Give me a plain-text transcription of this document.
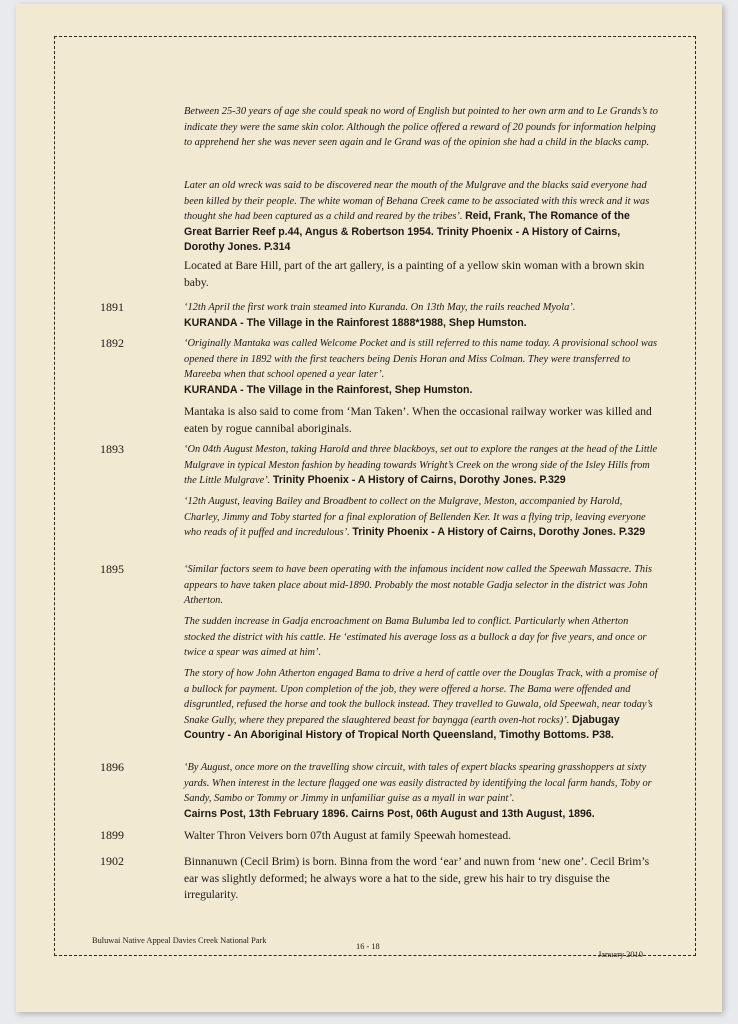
Between 25-30 years of age she could speak no word of English but pointed to her own arm and to Le Grands’s to indicate they were the same skin color. Although the police offered a reward of 20 pounds for information helping to apprehend her she was never seen again and le Grand was of the opinion she had a child in the blacks camp.
Later an old wreck was said to be discovered near the mouth of the Mulgrave and the blacks said everyone had been killed by their people. The white woman of Behana Creek came to be associated with this wreck and it was thought she had been captured as a child and reared by the tribes’. Reid, Frank, The Romance of the Great Barrier Reef p.44, Angus & Robertson 1954. Trinity Phoenix - A History of Cairns, Dorothy Jones. P.314
Located at Bare Hill, part of the art gallery, is a painting of a yellow skin woman with a brown skin baby.
1891	‘12th April the first work train steamed into Kuranda. On 13th May, the rails reached Myola’.
KURANDA - The Village in the Rainforest 1888*1988, Shep Humston.
1892	‘Originally Mantaka was called Welcome Pocket and is still referred to this name today. A provisional school was opened there in 1892 with the first teachers being Denis Horan and Miss Colman. They were transferred to Mareeba when that school opened a year later’.
KURANDA - The Village in the Rainforest, Shep Humston.
Mantaka is also said to come from ‘Man Taken’. When the occasional railway worker was killed and eaten by rogue cannibal aboriginals.
1893	‘On 04th August Meston, taking Harold and three blackboys, set out to explore the ranges at the head of the Little Mulgrave in typical Meston fashion by heading towards Wright’s Creek on the wrong side of the Isley Hills from the Little Mulgrave’. Trinity Phoenix - A History of Cairns, Dorothy Jones. P.329
‘12th August, leaving Bailey and Broadbent to collect on the Mulgrave, Meston, accompanied by Harold, Charley, Jimmy and Toby started for a final exploration of Bellenden Ker. It was a flying trip, leaving everyone who reads of it puffed and incredulous’. Trinity Phoenix - A History of Cairns, Dorothy Jones. P.329
1895	‘Similar factors seem to have been operating with the infamous incident now called the Speewah Massacre. This appears to have taken place about mid-1890. Probably the most notable Gadja selector in the district was John Atherton.
The sudden increase in Gadja encroachment on Bama Bulumba led to conflict. Particularly when Atherton stocked the district with his cattle. He ‘estimated his average loss as a bullock a day for five years, and once or twice a spear was aimed at him’.
The story of how John Atherton engaged Bama to drive a herd of cattle over the Douglas Track, with a promise of a bullock for payment. Upon completion of the job, they were offered a horse. The Bama were offended and disgruntled, refused the horse and took the bullock instead. They travelled to Guwala, old Speewah, near today’s Snake Gully, where they prepared the slaughtered beast for bayngga (earth oven-hot rocks)’. Djabugay Country - An Aboriginal History of Tropical North Queensland, Timothy Bottoms. P38.
1896	‘By August, once more on the travelling show circuit, with tales of expert blacks spearing grasshoppers at sixty yards. When interest in the lecture flagged one was easily distracted by identifying the local farm hands, Toby or Sandy, Sambo or Tommy or Jimmy in unfamiliar guise as a myall in war paint’.
Cairns Post, 13th February 1896. Cairns Post, 06th August and 13th August, 1896.
1899	Walter Thron Veivers born 07th August at family Speewah homestead.
1902	Binnanuwn (Cecil Brim) is born. Binna from the word ‘ear’ and nuwn from ‘new one’. Cecil Brim’s ear was slightly deformed; he always wore a hat to the side, grew his hair to try disguise the irregularity.
Buluwai Native Appeal Davies Creek National Park
16 - 18
January 2010
